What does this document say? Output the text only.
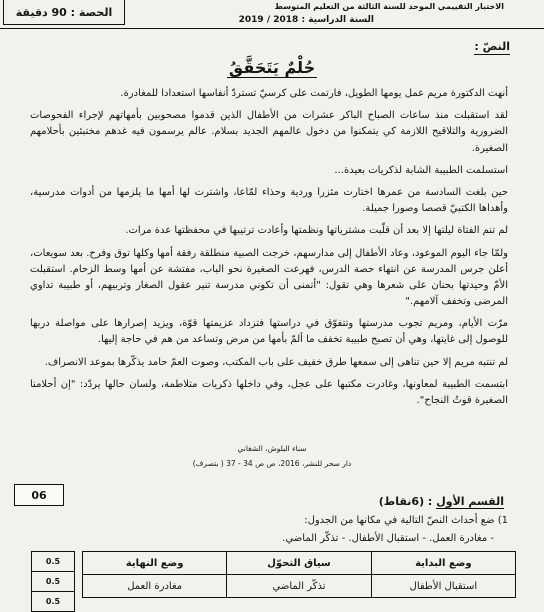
الاختبار التقييمي الموحد للسنة الثالثة من التعليم المتوسط
السنة الدراسية : 2018 / 2019
الحصة : 90 دقيقة
النصّ :
حُلْمٌ يَتَحَقَّقُ

أنهت الدكتورة مريم عمل يومها الطويل، فارتمت على كرسيّ تستردّ أنفاسها استعدادا للمغادرة.

لقد استقبلت منذ ساعات الصباح الباكر عشرات من الأطفال الذين قدموا مصحوبين بأمهاتهم لإجراء الفحوصات الضرورية والتلاقيح اللازمة كي يتمكنوا من دخول عالمهم الجديد بسلام. عالم يرسمون فيه غدهم مختبئين بأحلامهم الصغيرة.

استسلمت الطبيبة الشابة لذكريات بعيدة...

حين بلغت السادسة من عمرها اختارت مئزرا وردية وحذاء لمّاعا، واشترت لها أمها ما يلزمها من أدوات مدرسية، وأهداها الكتبيّ قصصا وصورا جميلة.

لم تنم الفتاة ليلتها إلا بعد أن قلّبت مشترياتها ونظمتها وأعادت ترتيبها في محفظتها عدة مرات.

ولمّا جاء اليوم الموعود، وعاد الأطفال إلى مدارسهم، خرجت الصبية منطلقة رفقة أمها وكلها توق وفرح. بعد سويعات، أعلن جرس المدرسة عن انتهاء حصة الدرس، فهرعت الصغيرة نحو الباب، مفتشة عن أمها وسط الزحام. استقبلت الأمّ وحيدتها بحنان على شعرها وهي تقول: "أتمنى أن تكوني مدرسة تنير عقول الصغار وتربيهم، أو طبيبة تداوي المرضى وتخفف آلامهم."

مرّت الأيام، ومريم تجوب مدرستها وتتفوّق في دراستها فتزداد عزيمتها قوّة، ويزيد إصرارها على مواصلة دربها للوصول إلى غايتها، وهي أن تصبح طبيبة تخفف ما ألمّ بأمها من مرض وتساعد من هم في حاجة إليها.

لم تنتبه مريم إلا حين تناهى إلى سمعها طرق خفيف على باب المكتب، وصوت العمّ حامد يذكّرها بموعد الانصراف.

ابتسمت الطبيبة لمعاونها، وغادرت مكتبها على عجل، وفي داخلها ذكريات متلاطمة، ولسان حالها يردّد: "إن أحلامنا الصغيرة قوتُ النجاح".

سناء البلوش، الشغاني
دار سحر للنشر، 2016، ص ص 34 - 37 ( بتصرف)
06	القسم الأول : (6نقاط)
1) ضع أحداث النصّ التالية في مكانها من الجدول:
- مغادرة العمل. - استقبال الأطفال. - تذكّر الماضي.
وضع البداية	سياق التحوّل	وضع النهاية
استقبال الأطفال	تذكّر الماضي	مغادرة العمل
0.5
0.5
0.5
